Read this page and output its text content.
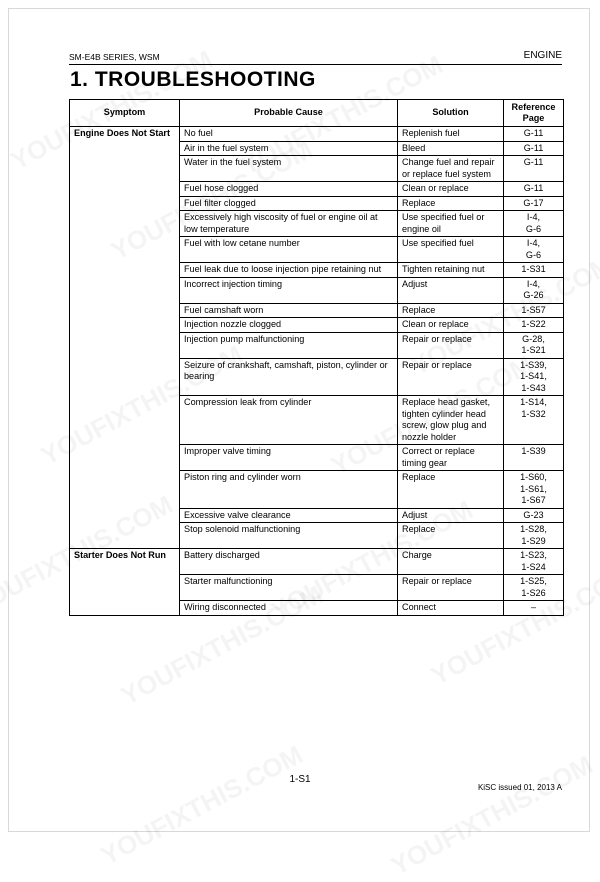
SM-E4B SERIES, WSM	ENGINE
1. TROUBLESHOOTING
Symptom	Probable Cause	Solution	Reference Page
Engine Does Not Start	No fuel	Replenish fuel	G-11

	Air in the fuel system	Bleed	G-11

	Water in the fuel system	Change fuel and repair or replace fuel system	G-11

	Fuel hose clogged	Clean or replace	G-11

	Fuel filter clogged	Replace	G-17

	Excessively high viscosity of fuel or engine oil at low temperature	Use specified fuel or engine oil	I-4,
G-6

	Fuel with low cetane number	Use specified fuel	I-4,
G-6

	Fuel leak due to loose injection pipe retaining nut	Tighten retaining nut	1-S31

	Incorrect injection timing	Adjust	I-4,
G-26

	Fuel camshaft worn	Replace	1-S57

	Injection nozzle clogged	Clean or replace	1-S22

	Injection pump malfunctioning	Repair or replace	G-28,
1-S21

	Seizure of crankshaft, camshaft, piston, cylinder or bearing	Repair or replace	1-S39,
1-S41,
1-S43

	Compression leak from cylinder	Replace head gasket, tighten cylinder head screw, glow plug and nozzle holder	1-S14,
1-S32

	Improper valve timing	Correct or replace timing gear	1-S39

	Piston ring and cylinder worn	Replace	1-S60,
1-S61,
1-S67

	Excessive valve clearance	Adjust	G-23

	Stop solenoid malfunctioning	Replace	1-S28,
1-S29

Starter Does Not Run	Battery discharged	Charge	1-S23,
1-S24

	Starter malfunctioning	Repair or replace	1-S25,
1-S26

	Wiring disconnected	Connect	–
1-S1
KiSC issued 01, 2013 A
